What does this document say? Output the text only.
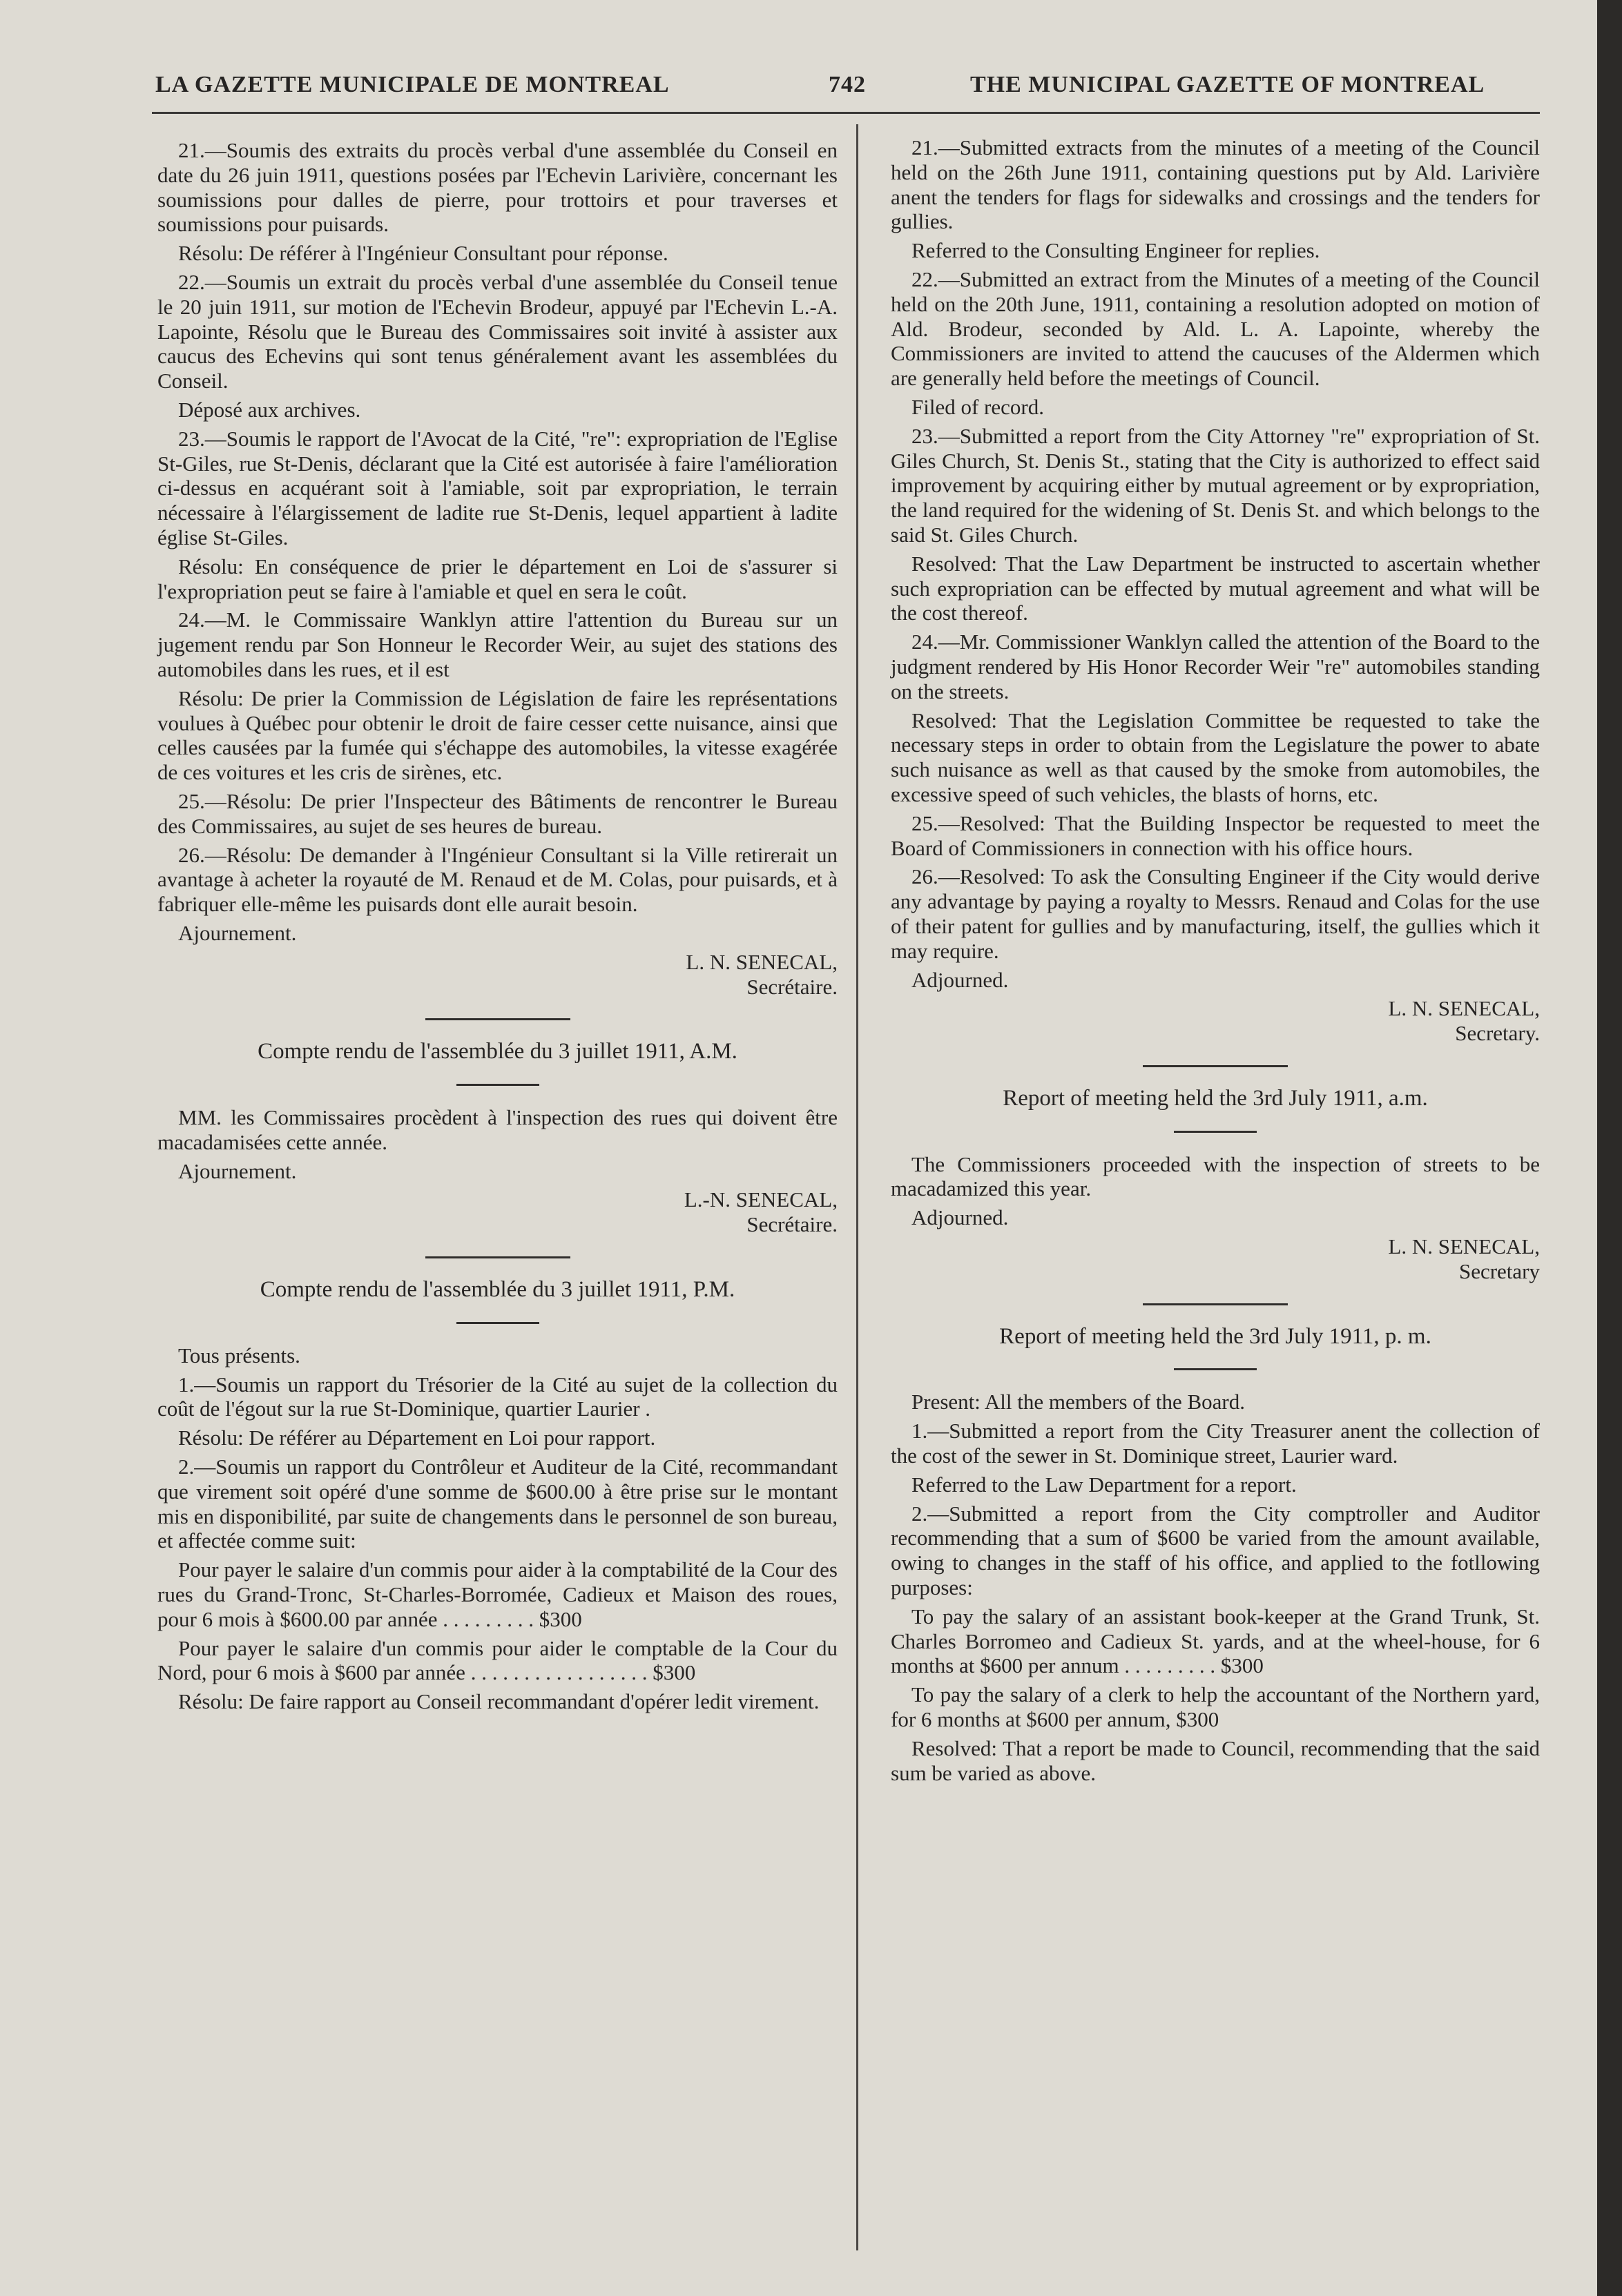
LA GAZETTE MUNICIPALE DE MONTREAL	742	THE MUNICIPAL GAZETTE OF MONTREAL

21.—Soumis des extraits du procès verbal d'une assemblée du Conseil en date du 26 juin 1911, questions posées par l'Echevin Larivière, concernant les soumissions pour dalles de pierre, pour trottoirs et pour traverses et soumissions pour puisards.

Résolu: De référer à l'Ingénieur Consultant pour réponse.

22.—Soumis un extrait du procès verbal d'une assemblée du Conseil tenue le 20 juin 1911, sur motion de l'Echevin Brodeur, appuyé par l'Echevin L.-A. Lapointe, Résolu que le Bureau des Commissaires soit invité à assister aux caucus des Echevins qui sont tenus généralement avant les assemblées du Conseil.

Déposé aux archives.

23.—Soumis le rapport de l'Avocat de la Cité, "re": expropriation de l'Eglise St-Giles, rue St-Denis, déclarant que la Cité est autorisée à faire l'amélioration ci-dessus en acquérant soit à l'amiable, soit par expropriation, le terrain nécessaire à l'élargissement de ladite rue St-Denis, lequel appartient à ladite église St-Giles.

Résolu: En conséquence de prier le département en Loi de s'assurer si l'expropriation peut se faire à l'amiable et quel en sera le coût.

24.—M. le Commissaire Wanklyn attire l'attention du Bureau sur un jugement rendu par Son Honneur le Recorder Weir, au sujet des stations des automobiles dans les rues, et il est

Résolu: De prier la Commission de Législation de faire les représentations voulues à Québec pour obtenir le droit de faire cesser cette nuisance, ainsi que celles causées par la fumée qui s'échappe des automobiles, la vitesse exagérée de ces voitures et les cris de sirènes, etc.

25.—Résolu: De prier l'Inspecteur des Bâtiments de rencontrer le Bureau des Commissaires, au sujet de ses heures de bureau.

26.—Résolu: De demander à l'Ingénieur Consultant si la Ville retirerait un avantage à acheter la royauté de M. Renaud et de M. Colas, pour puisards, et à fabriquer elle-même les puisards dont elle aurait besoin.

Ajournement.

L. N. SENECAL,

Secrétaire.

Compte rendu de l'assemblée du 3 juillet 1911, A.M.

MM. les Commissaires procèdent à l'inspection des rues qui doivent être macadamisées cette année.

Ajournement.

L.-N. SENECAL,

Secrétaire.

Compte rendu de l'assemblée du 3 juillet 1911, P.M.

Tous présents.

1.—Soumis un rapport du Trésorier de la Cité au sujet de la collection du coût de l'égout sur la rue St-Dominique, quartier Laurier .

Résolu: De référer au Département en Loi pour rapport.

2.—Soumis un rapport du Contrôleur et Auditeur de la Cité, recommandant que virement soit opéré d'une somme de $600.00 à être prise sur le montant mis en disponibilité, par suite de changements dans le personnel de son bureau, et affectée comme suit:

Pour payer le salaire d'un commis pour aider à la comptabilité de la Cour des rues du Grand-Tronc, St-Charles-Borromée, Cadieux et Maison des roues, pour 6 mois à $600.00 par année . . . . . . . . . $300

Pour payer le salaire d'un commis pour aider le comptable de la Cour du Nord, pour 6 mois à $600 par année . . . . . . . . . . . . . . . . . $300

Résolu: De faire rapport au Conseil recommandant d'opérer ledit virement.

21.—Submitted extracts from the minutes of a meeting of the Council held on the 26th June 1911, containing questions put by Ald. Larivière anent the tenders for flags for sidewalks and crossings and the tenders for gullies.

Referred to the Consulting Engineer for replies.

22.—Submitted an extract from the Minutes of a meeting of the Council held on the 20th June, 1911, containing a resolution adopted on motion of Ald. Brodeur, seconded by Ald. L. A. Lapointe, whereby the Commissioners are invited to attend the caucuses of the Aldermen which are generally held before the meetings of Council.

Filed of record.

23.—Submitted a report from the City Attorney "re" expropriation of St. Giles Church, St. Denis St., stating that the City is authorized to effect said improvement by acquiring either by mutual agreement or by expropriation, the land required for the widening of St. Denis St. and which belongs to the said St. Giles Church.

Resolved: That the Law Department be instructed to ascertain whether such expropriation can be effected by mutual agreement and what will be the cost thereof.

24.—Mr. Commissioner Wanklyn called the attention of the Board to the judgment rendered by His Honor Recorder Weir "re" automobiles standing on the streets.

Resolved: That the Legislation Committee be requested to take the necessary steps in order to obtain from the Legislature the power to abate such nuisance as well as that caused by the smoke from automobiles, the excessive speed of such vehicles, the blasts of horns, etc.

25.—Resolved: That the Building Inspector be requested to meet the Board of Commissioners in connection with his office hours.

26.—Resolved: To ask the Consulting Engineer if the City would derive any advantage by paying a royalty to Messrs. Renaud and Colas for the use of their patent for gullies and by manufacturing, itself, the gullies which it may require.

Adjourned.

L. N. SENECAL,

Secretary.

Report of meeting held the 3rd July 1911, a.m.

The Commissioners proceeded with the inspection of streets to be macadamized this year.

Adjourned.

L. N. SENECAL,

Secretary

Report of meeting held the 3rd July 1911, p. m.

Present: All the members of the Board.

1.—Submitted a report from the City Treasurer anent the collection of the cost of the sewer in St. Dominique street, Laurier ward.

Referred to the Law Department for a report.

2.—Submitted a report from the City comptroller and Auditor recommending that a sum of $600 be varied from the amount available, owing to changes in the staff of his office, and applied to the fotllowing purposes:

To pay the salary of an assistant book-keeper at the Grand Trunk, St. Charles Borromeo and Cadieux St. yards, and at the wheel-house, for 6 months at $600 per annum . . . . . . . . . $300

To pay the salary of a clerk to help the accountant of the Northern yard, for 6 months at $600 per annum, $300

Resolved: That a report be made to Council, recommending that the said sum be varied as above.
